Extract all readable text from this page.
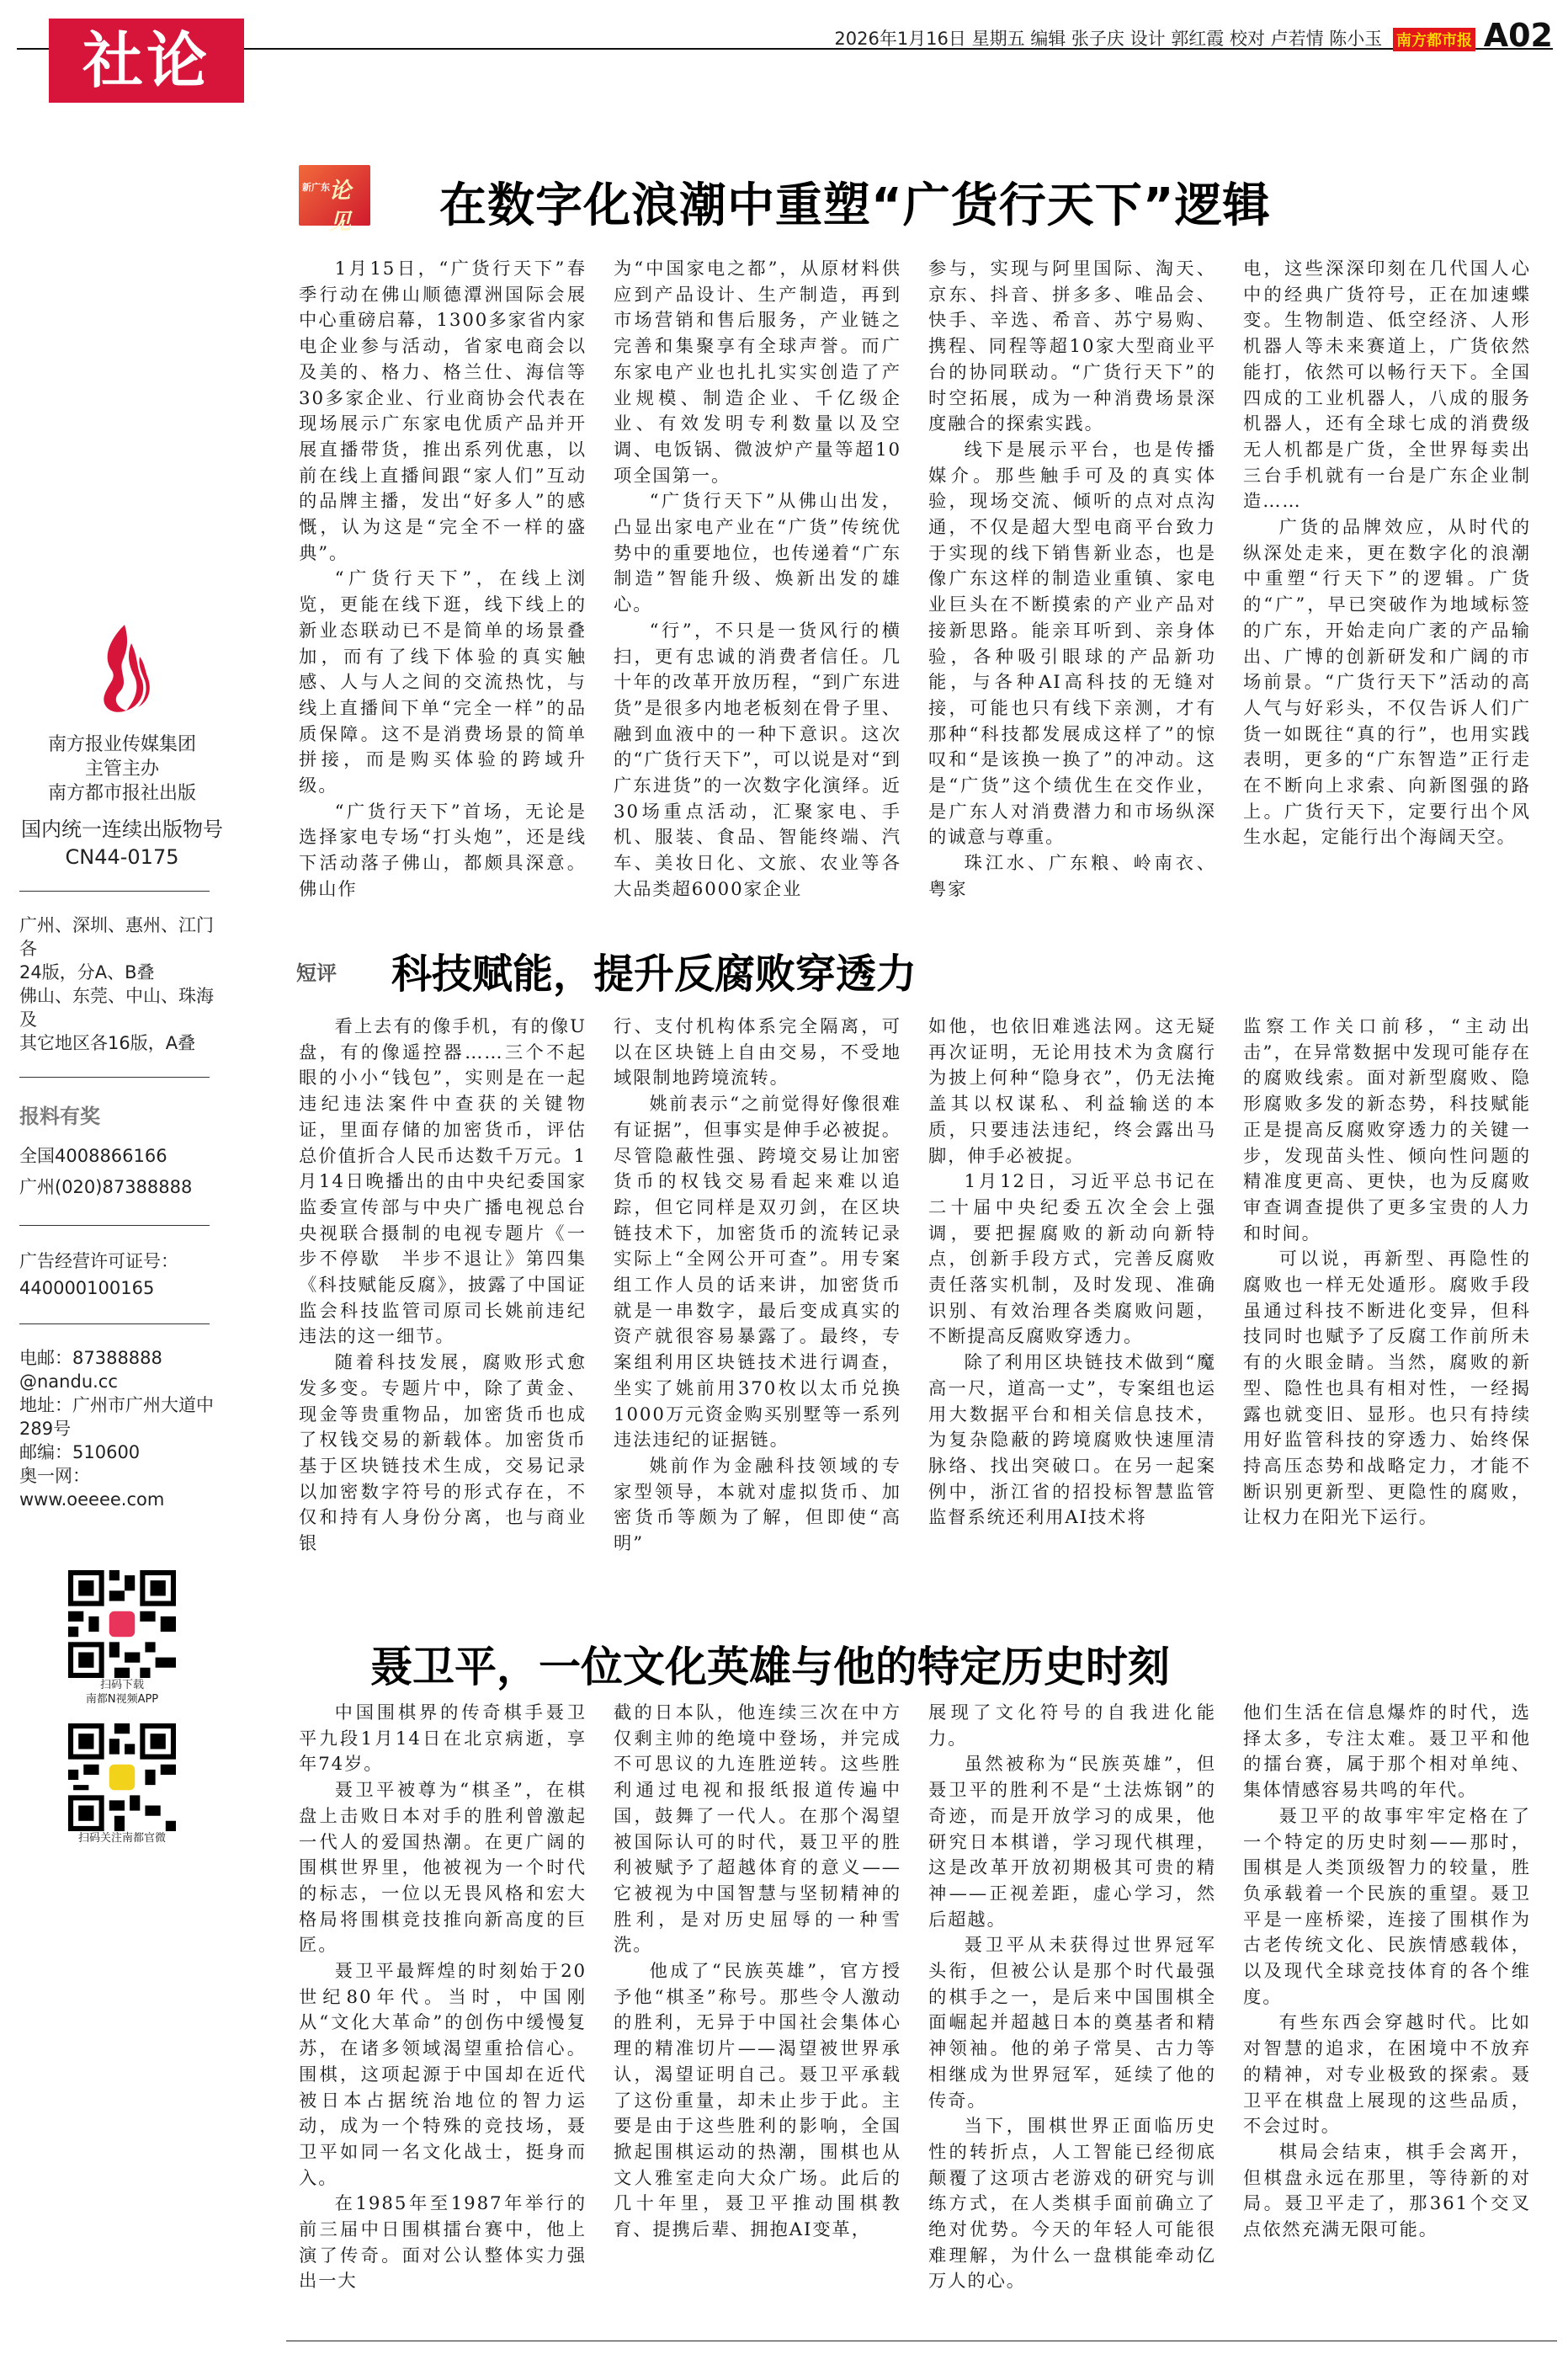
社论	2026年1月16日 星期五 编辑 张子庆 设计 郭红霞 校对 卢若情 陈小玉 南方都市报 A02
南方报业传媒集团
主管主办
南方都市报社出版
国内统一连续出版物号
CN44-0175
广州、深圳、惠州、江门各
24版，分A、B叠
佛山、东莞、中山、珠海及
其它地区各16版，A叠
报料有奖
全国4008866166
广州(020)87388888
广告经营许可证号：
440000100165
电邮：87388888
@nandu.cc
地址：广州市广州大道中
289号
邮编：510600
奥一网：
www.oeeee.com
扫码下载
南都N视频APP
扫码关注南都官微
新广东 论见	在数字化浪潮中重塑“广货行天下”逻辑

1月15日，“广货行天下”春季行动在佛山顺德潭洲国际会展中心重磅启幕，1300多家省内家电企业参与活动，省家电商会以及美的、格力、格兰仕、海信等30多家企业、行业商协会代表在现场展示广东家电优质产品并开展直播带货，推出系列优惠，以前在线上直播间跟“家人们”互动的品牌主播，发出“好多人”的感慨，认为这是“完全不一样的盛典”。

“广货行天下”，在线上浏览，更能在线下逛，线下线上的新业态联动已不是简单的场景叠加，而有了线下体验的真实触感、人与人之间的交流热忱，与线上直播间下单“完全一样”的品质保障。这不是消费场景的简单拼接，而是购买体验的跨域升级。

“广货行天下”首场，无论是选择家电专场“打头炮”，还是线下活动落子佛山，都颇具深意。佛山作

为“中国家电之都”，从原材料供应到产品设计、生产制造，再到市场营销和售后服务，产业链之完善和集聚享有全球声誉。而广东家电产业也扎扎实实创造了产业规模、制造企业、千亿级企业、有效发明专利数量以及空调、电饭锅、微波炉产量等超10项全国第一。

“广货行天下”从佛山出发，凸显出家电产业在“广货”传统优势中的重要地位，也传递着“广东制造”智能升级、焕新出发的雄心。

“行”，不只是一货风行的横扫，更有忠诚的消费者信任。几十年的改革开放历程，“到广东进货”是很多内地老板刻在骨子里、融到血液中的一种下意识。这次的“广货行天下”，可以说是对“到广东进货”的一次数字化演绎。近30场重点活动，汇聚家电、手机、服装、食品、智能终端、汽车、美妆日化、文旅、农业等各大品类超6000家企业

参与，实现与阿里国际、淘天、京东、抖音、拼多多、唯品会、快手、辛选、希音、苏宁易购、携程、同程等超10家大型商业平台的协同联动。“广货行天下”的时空拓展，成为一种消费场景深度融合的探索实践。

线下是展示平台，也是传播媒介。那些触手可及的真实体验，现场交流、倾听的点对点沟通，不仅是超大型电商平台致力于实现的线下销售新业态，也是像广东这样的制造业重镇、家电业巨头在不断摸索的产业产品对接新思路。能亲耳听到、亲身体验，各种吸引眼球的产品新功能，与各种AI高科技的无缝对接，可能也只有线下亲测，才有那种“科技都发展成这样了”的惊叹和“是该换一换了”的冲动。这是“广货”这个绩优生在交作业，是广东人对消费潜力和市场纵深的诚意与尊重。

珠江水、广东粮、岭南衣、粤家

电，这些深深印刻在几代国人心中的经典广货符号，正在加速蝶变。生物制造、低空经济、人形机器人等未来赛道上，广货依然能打，依然可以畅行天下。全国四成的工业机器人，八成的服务机器人，还有全球七成的消费级无人机都是广货，全世界每卖出三台手机就有一台是广东企业制造……

广货的品牌效应，从时代的纵深处走来，更在数字化的浪潮中重塑“行天下”的逻辑。广货的“广”，早已突破作为地域标签的广东，开始走向广袤的产品输出、广博的创新研发和广阔的市场前景。“广货行天下”活动的高人气与好彩头，不仅告诉人们广货一如既往“真的行”，也用实践表明，更多的“广东智造”正行走在不断向上求索、向新图强的路上。广货行天下，定要行出个风生水起，定能行出个海阔天空。

短评 科技赋能，提升反腐败穿透力

看上去有的像手机，有的像U盘，有的像遥控器……三个不起眼的小小“钱包”，实则是在一起违纪违法案件中查获的关键物证，里面存储的加密货币，评估总价值折合人民币达数千万元。1月14日晚播出的由中央纪委国家监委宣传部与中央广播电视总台央视联合摄制的电视专题片《一步不停歇　半步不退让》第四集《科技赋能反腐》，披露了中国证监会科技监管司原司长姚前违纪违法的这一细节。

随着科技发展，腐败形式愈发多变。专题片中，除了黄金、现金等贵重物品，加密货币也成了权钱交易的新载体。加密货币基于区块链技术生成，交易记录以加密数字符号的形式存在，不仅和持有人身份分离，也与商业银

行、支付机构体系完全隔离，可以在区块链上自由交易，不受地域限制地跨境流转。

姚前表示“之前觉得好像很难有证据”，但事实是伸手必被捉。尽管隐蔽性强、跨境交易让加密货币的权钱交易看起来难以追踪，但它同样是双刃剑，在区块链技术下，加密货币的流转记录实际上“全网公开可查”。用专案组工作人员的话来讲，加密货币就是一串数字，最后变成真实的资产就很容易暴露了。最终，专案组利用区块链技术进行调查，坐实了姚前用370枚以太币兑换1000万元资金购买别墅等一系列违法违纪的证据链。

姚前作为金融科技领域的专家型领导，本就对虚拟货币、加密货币等颇为了解，但即使“高明”

如他，也依旧难逃法网。这无疑再次证明，无论用技术为贪腐行为披上何种“隐身衣”，仍无法掩盖其以权谋私、利益输送的本质，只要违法违纪，终会露出马脚，伸手必被捉。

1月12日，习近平总书记在二十届中央纪委五次全会上强调，要把握腐败的新动向新特点，创新手段方式，完善反腐败责任落实机制，及时发现、准确识别、有效治理各类腐败问题，不断提高反腐败穿透力。

除了利用区块链技术做到“魔高一尺，道高一丈”，专案组也运用大数据平台和相关信息技术，为复杂隐蔽的跨境腐败快速厘清脉络、找出突破口。在另一起案例中，浙江省的招投标智慧监管监督系统还利用AI技术将

监察工作关口前移，“主动出击”，在异常数据中发现可能存在的腐败线索。面对新型腐败、隐形腐败多发的新态势，科技赋能正是提高反腐败穿透力的关键一步，发现苗头性、倾向性问题的精准度更高、更快，也为反腐败审查调查提供了更多宝贵的人力和时间。

可以说，再新型、再隐性的腐败也一样无处遁形。腐败手段虽通过科技不断进化变异，但科技同时也赋予了反腐工作前所未有的火眼金睛。当然，腐败的新型、隐性也具有相对性，一经揭露也就变旧、显形。也只有持续用好监管科技的穿透力、始终保持高压态势和战略定力，才能不断识别更新型、更隐性的腐败，让权力在阳光下运行。

聂卫平，一位文化英雄与他的特定历史时刻

中国围棋界的传奇棋手聂卫平九段1月14日在北京病逝，享年74岁。

聂卫平被尊为“棋圣”，在棋盘上击败日本对手的胜利曾激起一代人的爱国热潮。在更广阔的围棋世界里，他被视为一个时代的标志，一位以无畏风格和宏大格局将围棋竞技推向新高度的巨匠。

聂卫平最辉煌的时刻始于20世纪80年代。当时，中国刚从“文化大革命”的创伤中缓慢复苏，在诸多领域渴望重拾信心。围棋，这项起源于中国却在近代被日本占据统治地位的智力运动，成为一个特殊的竞技场，聂卫平如同一名文化战士，挺身而入。

在1985年至1987年举行的前三届中日围棋擂台赛中，他上演了传奇。面对公认整体实力强出一大

截的日本队，他连续三次在中方仅剩主帅的绝境中登场，并完成不可思议的九连胜逆转。这些胜利通过电视和报纸报道传遍中国，鼓舞了一代人。在那个渴望被国际认可的时代，聂卫平的胜利被赋予了超越体育的意义——它被视为中国智慧与坚韧精神的胜利，是对历史屈辱的一种雪洗。

他成了“民族英雄”，官方授予他“棋圣”称号。那些令人激动的胜利，无异于中国社会集体心理的精准切片——渴望被世界承认，渴望证明自己。聂卫平承载了这份重量，却未止步于此。主要是由于这些胜利的影响，全国掀起围棋运动的热潮，围棋也从文人雅室走向大众广场。此后的几十年里，聂卫平推动围棋教育、提携后辈、拥抱AI变革，

展现了文化符号的自我进化能力。

虽然被称为“民族英雄”，但聂卫平的胜利不是“土法炼钢”的奇迹，而是开放学习的成果，他研究日本棋谱，学习现代棋理，这是改革开放初期极其可贵的精神——正视差距，虚心学习，然后超越。

聂卫平从未获得过世界冠军头衔，但被公认是那个时代最强的棋手之一，是后来中国围棋全面崛起并超越日本的奠基者和精神领袖。他的弟子常昊、古力等相继成为世界冠军，延续了他的传奇。

当下，围棋世界正面临历史性的转折点，人工智能已经彻底颠覆了这项古老游戏的研究与训练方式，在人类棋手面前确立了绝对优势。今天的年轻人可能很难理解，为什么一盘棋能牵动亿万人的心。

他们生活在信息爆炸的时代，选择太多，专注太难。聂卫平和他的擂台赛，属于那个相对单纯、集体情感容易共鸣的年代。

聂卫平的故事牢牢定格在了一个特定的历史时刻——那时，围棋是人类顶级智力的较量，胜负承载着一个民族的重望。聂卫平是一座桥梁，连接了围棋作为古老传统文化、民族情感载体，以及现代全球竞技体育的各个维度。

有些东西会穿越时代。比如对智慧的追求，在困境中不放弃的精神，对专业极致的探索。聂卫平在棋盘上展现的这些品质，不会过时。

棋局会结束，棋手会离开，但棋盘永远在那里，等待新的对局。聂卫平走了，那361个交叉点依然充满无限可能。
